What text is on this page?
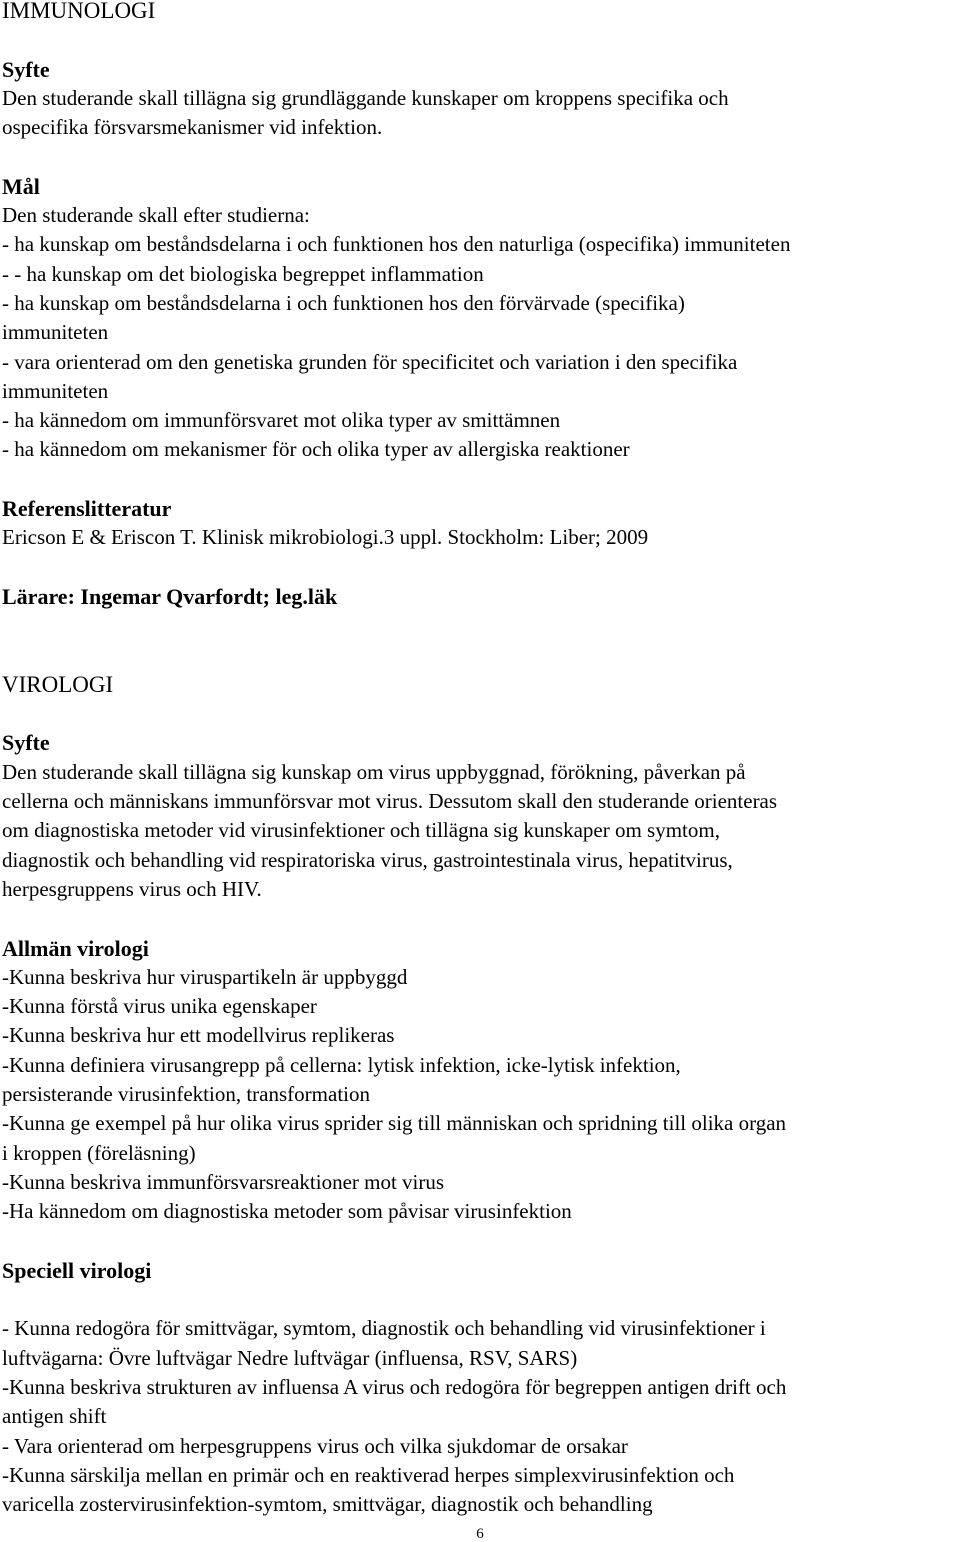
IMMUNOLOGI
Syfte
Den studerande skall tillägna sig grundläggande kunskaper om kroppens specifika och
ospecifika försvarsmekanismer vid infektion.
Mål
Den studerande skall efter studierna:
- ha kunskap om beståndsdelarna i och funktionen hos den naturliga (ospecifika) immuniteten
- - ha kunskap om det biologiska begreppet inflammation
- ha kunskap om beståndsdelarna i och funktionen hos den förvärvade (specifika)
immuniteten
- vara orienterad om den genetiska grunden för specificitet och variation i den specifika
immuniteten
- ha kännedom om immunförsvaret mot olika typer av smittämnen
- ha kännedom om mekanismer för och olika typer av allergiska reaktioner
Referenslitteratur
Ericson E & Eriscon T. Klinisk mikrobiologi.3 uppl. Stockholm: Liber; 2009
Lärare: Ingemar Qvarfordt; leg.läk
VIROLOGI
Syfte
Den studerande skall tillägna sig kunskap om virus uppbyggnad, förökning, påverkan på
cellerna och människans immunförsvar mot virus. Dessutom skall den studerande orienteras
om diagnostiska metoder vid virusinfektioner och tillägna sig kunskaper om symtom,
diagnostik och behandling vid respiratoriska virus, gastrointestinala virus, hepatitvirus,
herpesgruppens virus och HIV.
Allmän virologi
-Kunna beskriva hur viruspartikeln är uppbyggd
-Kunna förstå virus unika egenskaper
-Kunna beskriva hur ett modellvirus replikeras
-Kunna definiera virusangrepp på cellerna: lytisk infektion, icke-lytisk infektion,
persisterande virusinfektion, transformation
-Kunna ge exempel på hur olika virus sprider sig till människan och spridning till olika organ
i kroppen (föreläsning)
-Kunna beskriva immunförsvarsreaktioner mot virus
-Ha kännedom om diagnostiska metoder som påvisar virusinfektion
Speciell virologi
- Kunna redogöra för smittvägar, symtom, diagnostik och behandling vid virusinfektioner i
luftvägarna: Övre luftvägar Nedre luftvägar (influensa, RSV, SARS)
-Kunna beskriva strukturen av influensa A virus och redogöra för begreppen antigen drift och
antigen shift
- Vara orienterad om herpesgruppens virus och vilka sjukdomar de orsakar
-Kunna särskilja mellan en primär och en reaktiverad herpes simplexvirusinfektion och
varicella zostervirusinfektion-symtom, smittvägar, diagnostik och behandling
6
